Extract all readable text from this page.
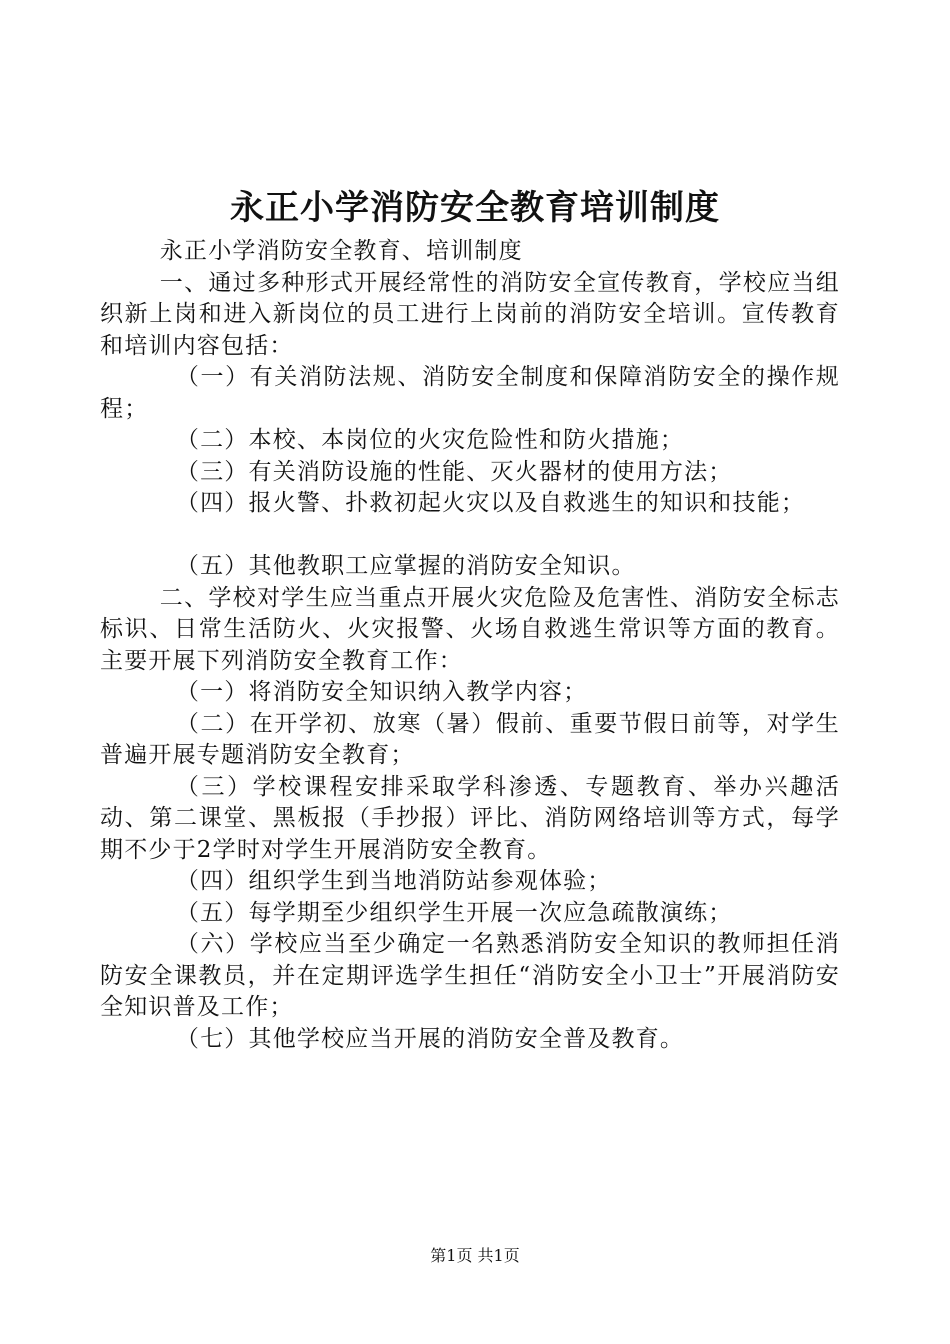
永正小学消防安全教育培训制度

永正小学消防安全教育、培训制度

一、通过多种形式开展经常性的消防安全宣传教育，学校应当组织新上岗和进入新岗位的员工进行上岗前的消防安全培训。宣传教育和培训内容包括：

（一）有关消防法规、消防安全制度和保障消防安全的操作规程；

（二）本校、本岗位的火灾危险性和防火措施；

（三）有关消防设施的性能、灭火器材的使用方法；

（四）报火警、扑救初起火灾以及自救逃生的知识和技能；

（五）其他教职工应掌握的消防安全知识。

二、学校对学生应当重点开展火灾危险及危害性、消防安全标志标识、日常生活防火、火灾报警、火场自救逃生常识等方面的教育。主要开展下列消防安全教育工作：

（一）将消防安全知识纳入教学内容；

（二）在开学初、放寒（暑）假前、重要节假日前等，对学生普遍开展专题消防安全教育；

（三）学校课程安排采取学科渗透、专题教育、举办兴趣活动、第二课堂、黑板报（手抄报）评比、消防网络培训等方式，每学期不少于2学时对学生开展消防安全教育。

（四）组织学生到当地消防站参观体验；

（五）每学期至少组织学生开展一次应急疏散演练；

（六）学校应当至少确定一名熟悉消防安全知识的教师担任消防安全课教员，并在定期评选学生担任“消防安全小卫士”开展消防安全知识普及工作；

（七）其他学校应当开展的消防安全普及教育。

第1页 共1页
